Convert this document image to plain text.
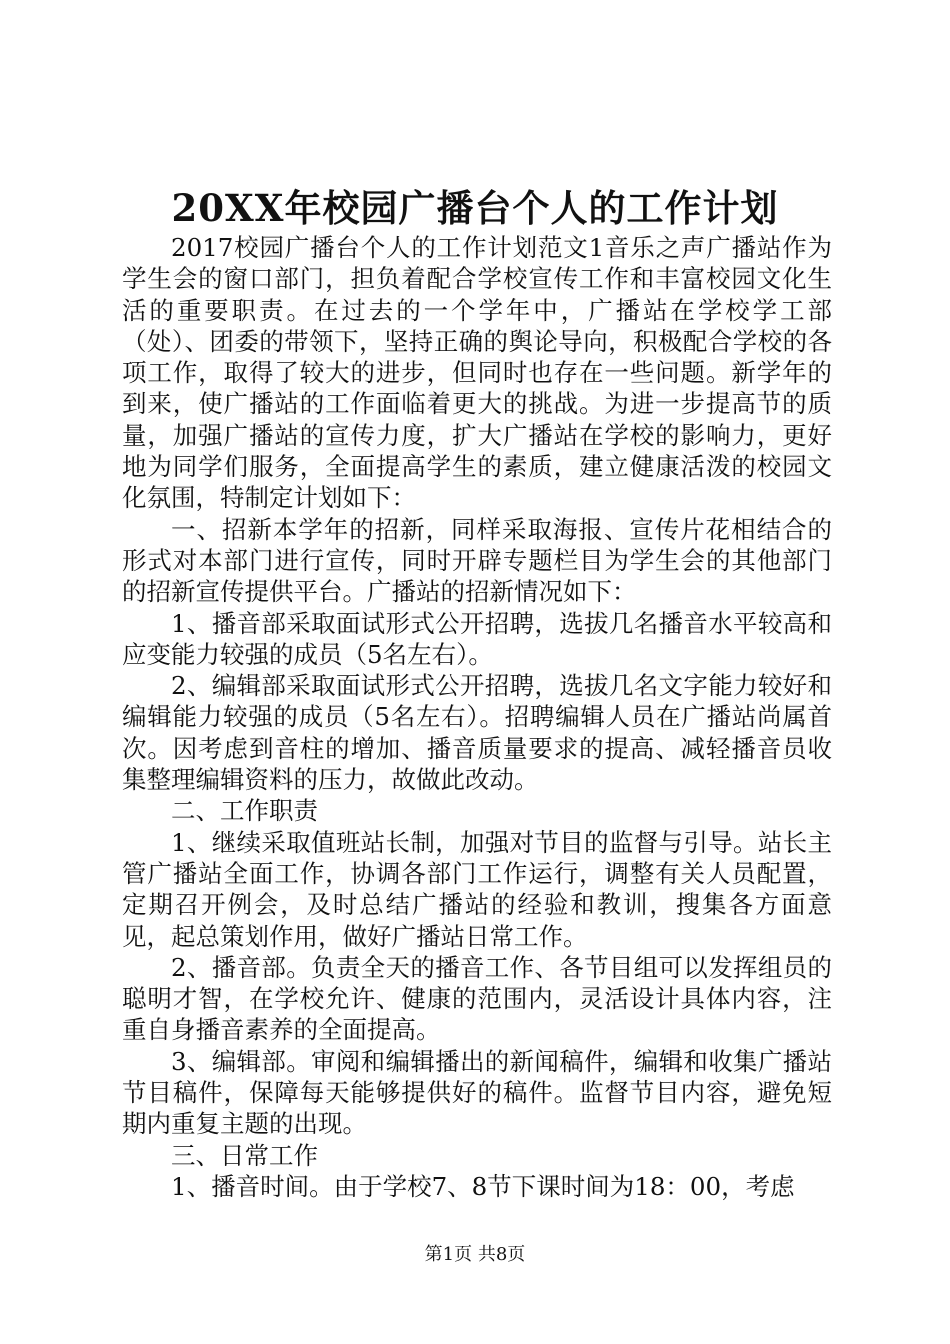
20XX年校园广播台个人的工作计划

2017校园广播台个人的工作计划范文1音乐之声广播站作为学生会的窗口部门，担负着配合学校宣传工作和丰富校园文化生活的重要职责。在过去的一个学年中，广播站在学校学工部（处）、团委的带领下，坚持正确的舆论导向，积极配合学校的各项工作，取得了较大的进步，但同时也存在一些问题。新学年的到来，使广播站的工作面临着更大的挑战。为进一步提高节的质量，加强广播站的宣传力度，扩大广播站在学校的影响力，更好地为同学们服务，全面提高学生的素质，建立健康活泼的校园文化氛围，特制定计划如下：

一、招新本学年的招新，同样采取海报、宣传片花相结合的形式对本部门进行宣传，同时开辟专题栏目为学生会的其他部门的招新宣传提供平台。广播站的招新情况如下：

1、播音部采取面试形式公开招聘，选拔几名播音水平较高和应变能力较强的成员（5名左右）。

2、编辑部采取面试形式公开招聘，选拔几名文字能力较好和编辑能力较强的成员（5名左右）。招聘编辑人员在广播站尚属首次。因考虑到音柱的增加、播音质量要求的提高、减轻播音员收集整理编辑资料的压力，故做此改动。

二、工作职责

1、继续采取值班站长制，加强对节目的监督与引导。站长主管广播站全面工作，协调各部门工作运行，调整有关人员配置，定期召开例会，及时总结广播站的经验和教训，搜集各方面意见，起总策划作用，做好广播站日常工作。

2、播音部。负责全天的播音工作、各节目组可以发挥组员的聪明才智，在学校允许、健康的范围内，灵活设计具体内容，注重自身播音素养的全面提高。

3、编辑部。审阅和编辑播出的新闻稿件，编辑和收集广播站节目稿件，保障每天能够提供好的稿件。监督节目内容，避免短期内重复主题的出现。

三、日常工作

1、播音时间。由于学校7、8节下课时间为18：00，考虑

第1页 共8页
